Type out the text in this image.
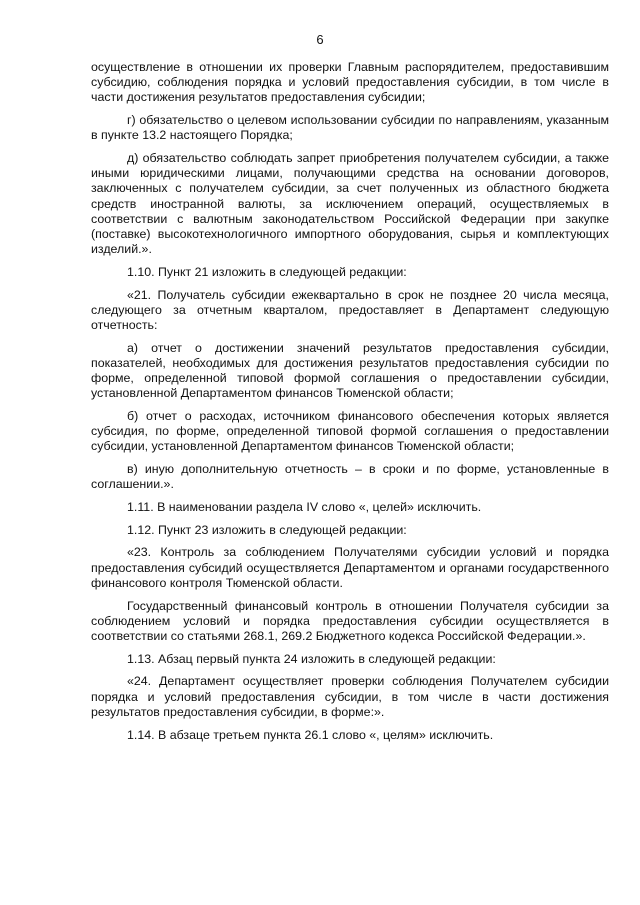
6

осуществление в отношении их проверки Главным распорядителем, предоставившим субсидию, соблюдения порядка и условий предоставления субсидии, в том числе в части достижения результатов предоставления субсидии;

г) обязательство о целевом использовании субсидии по направлениям, указанным в пункте 13.2 настоящего Порядка;

д) обязательство соблюдать запрет приобретения получателем субсидии, а также иными юридическими лицами, получающими средства на основании договоров, заключенных с получателем субсидии, за счет полученных из областного бюджета средств иностранной валюты, за исключением операций, осуществляемых в соответствии с валютным законодательством Российской Федерации при закупке (поставке) высокотехнологичного импортного оборудования, сырья и комплектующих изделий.».

1.10. Пункт 21 изложить в следующей редакции:

«21. Получатель субсидии ежеквартально в срок не позднее 20 числа месяца, следующего за отчетным кварталом, предоставляет в Департамент следующую отчетность:

а) отчет о достижении значений результатов предоставления субсидии, показателей, необходимых для достижения результатов предоставления субсидии по форме, определенной типовой формой соглашения о предоставлении субсидии, установленной Департаментом финансов Тюменской области;

б) отчет о расходах, источником финансового обеспечения которых является субсидия, по форме, определенной типовой формой соглашения о предоставлении субсидии, установленной Департаментом финансов Тюменской области;

в) иную дополнительную отчетность – в сроки и по форме, установленные в соглашении.».

1.11. В наименовании раздела IV слово «, целей» исключить.

1.12. Пункт 23 изложить в следующей редакции:

«23. Контроль за соблюдением Получателями субсидии условий и порядка предоставления субсидий осуществляется Департаментом и органами государственного финансового контроля Тюменской области.

Государственный финансовый контроль в отношении Получателя субсидии за соблюдением условий и порядка предоставления субсидии осуществляется в соответствии со статьями 268.1, 269.2 Бюджетного кодекса Российской Федерации.».

1.13. Абзац первый пункта 24 изложить в следующей редакции:

«24. Департамент осуществляет проверки соблюдения Получателем субсидии порядка и условий предоставления субсидии, в том числе в части достижения результатов предоставления субсидии, в форме:».

1.14. В абзаце третьем пункта 26.1 слово «, целям» исключить.
